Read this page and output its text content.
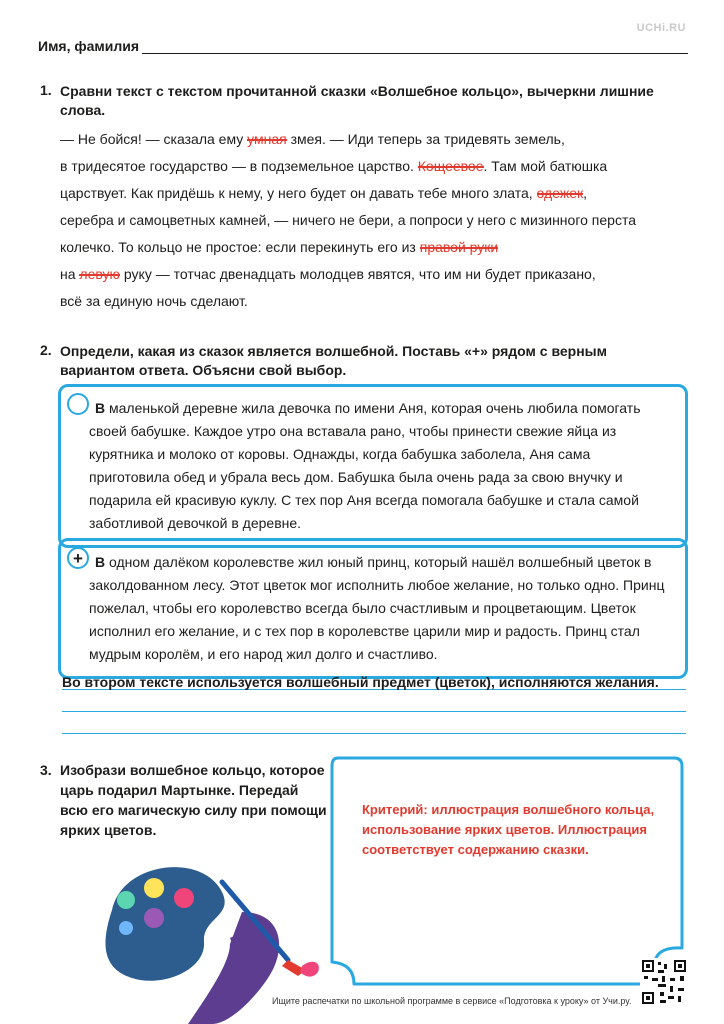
UCHi.RU
Имя, фамилия
1. Сравни текст с текстом прочитанной сказки «Волшебное кольцо», вычеркни лишние слова.
— Не бойся! — сказала ему умная змея. — Иди теперь за тридевять земель,
в тридесятое государство — в подземельное царство. Кощеевое. Там мой батюшка
царствует. Как придёшь к нему, у него будет он давать тебе много злата, одежек,
серебра и самоцветных камней, — ничего не бери, а попроси у него с мизинного перста
колечко. То кольцо не простое: если перекинуть его из правой руки
на левую руку — тотчас двенадцать молодцев явятся, что им ни будет приказано,
всё за единую ночь сделают.
2. Определи, какая из сказок является волшебной. Поставь «+» рядом с верным вариантом ответа. Объясни свой выбор.
В маленькой деревне жила девочка по имени Аня, которая очень любила помогать своей бабушке. Каждое утро она вставала рано, чтобы принести свежие яйца из курятника и молоко от коровы. Однажды, когда бабушка заболела, Аня сама приготовила обед и убрала весь дом. Бабушка была очень рада за свою внучку и подарила ей красивую куклу. С тех пор Аня всегда помогала бабушке и стала самой заботливой девочкой в деревне.
+ В одном далёком королевстве жил юный принц, который нашёл волшебный цветок в заколдованном лесу. Этот цветок мог исполнить любое желание, но только одно. Принц пожелал, чтобы его королевство всегда было счастливым и процветающим. Цветок исполнил его желание, и с тех пор в королевстве царили мир и радость. Принц стал мудрым королём, и его народ жил долго и счастливо.
Во втором тексте используется волшебный предмет (цветок), исполняются желания.
3. Изобрази волшебное кольцо, которое царь подарил Мартынке. Передай всю его магическую силу при помощи ярких цветов.
Критерий: иллюстрация волшебного кольца, использование ярких цветов. Иллюстрация соответствует содержанию сказки.
Ищите распечатки по школьной программе в сервисе «Подготовка к уроку» от Учи.ру.
